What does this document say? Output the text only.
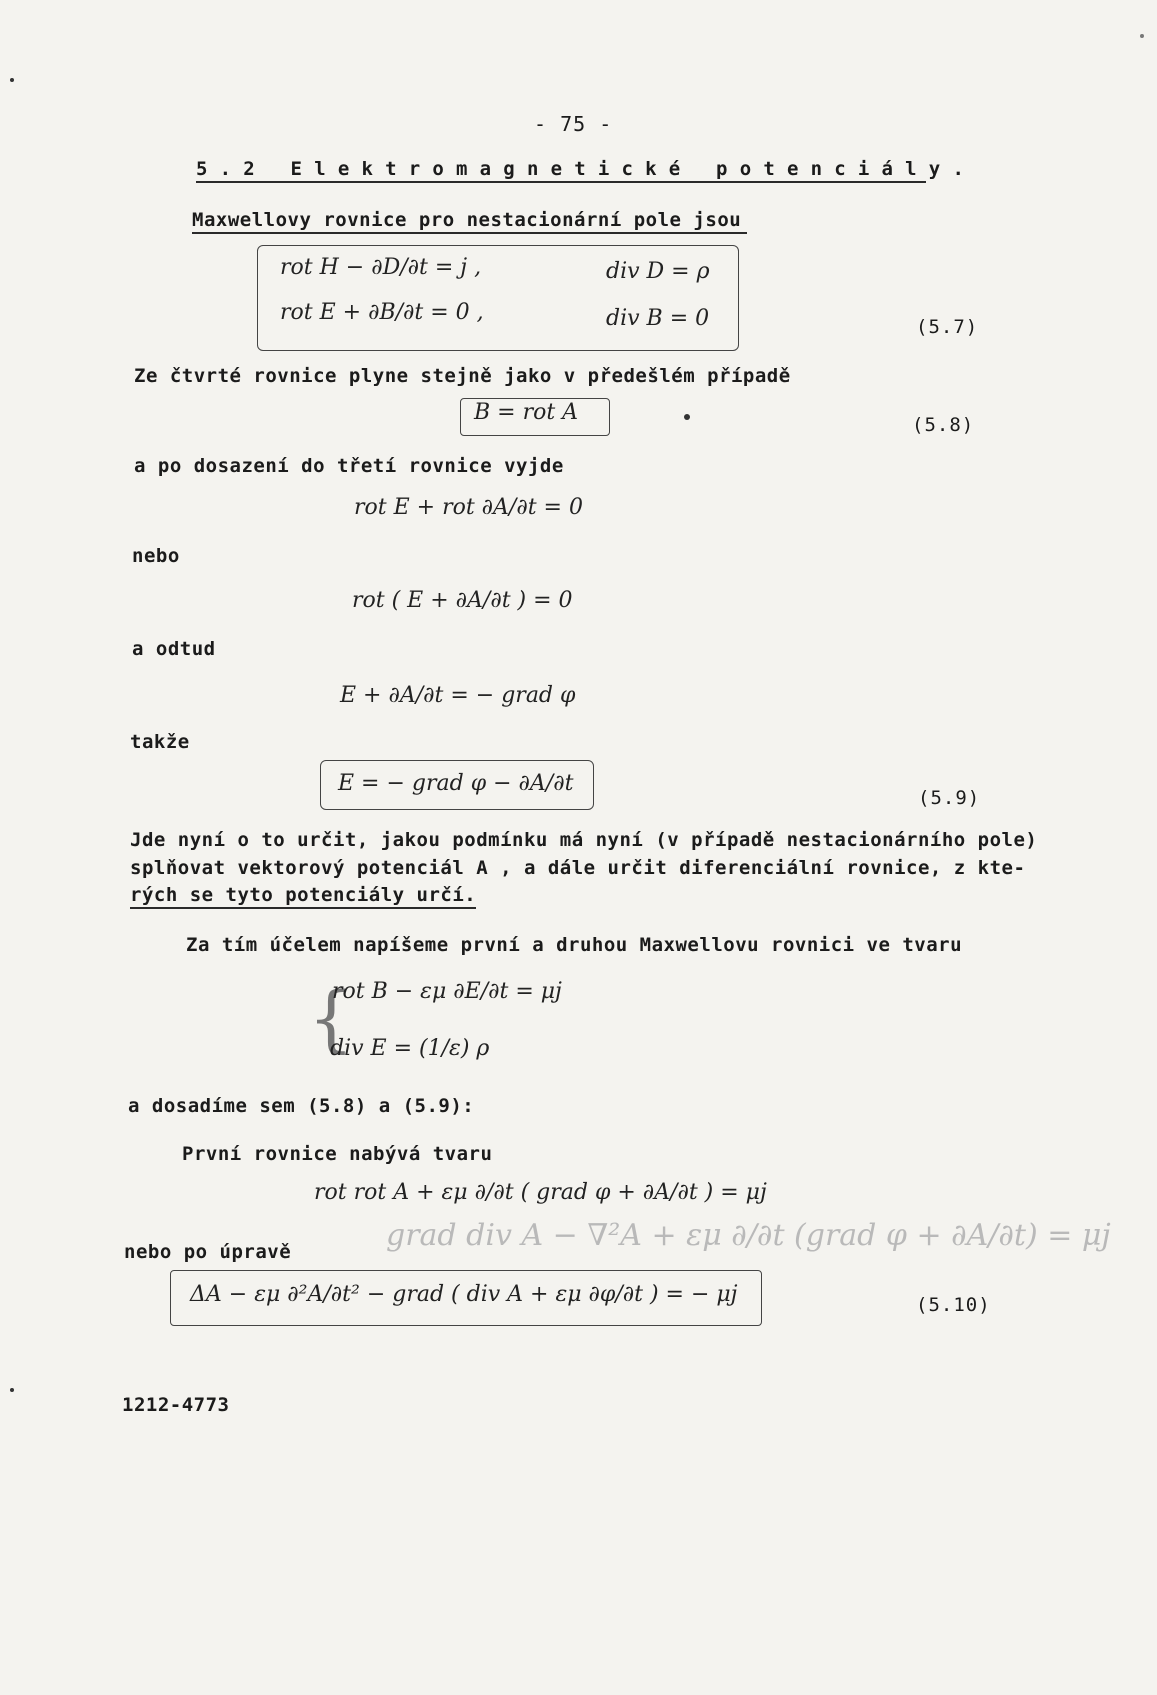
- 75 -
5.2 Elektromagnetické potenciály.
Maxwellovy rovnice pro nestacionární pole jsou
rot H − ∂D/∂t = j ,	div D = ρ
rot E + ∂B/∂t = 0 ,	div B = 0	(5.7)
Ze čtvrté rovnice plyne stejně jako v předešlém případě
B = rot A	(5.8)
a po dosazení do třetí rovnice vyjde
rot E + rot ∂A/∂t = 0
nebo
rot ( E + ∂A/∂t ) = 0
a odtud
E + ∂A/∂t = − grad φ
takže
E = − grad φ − ∂A/∂t
(5.9)
Jde nyní o to určit, jakou podmínku má nyní (v případě nestacionárního pole)
splňovat vektorový potenciál A , a dále určit diferenciální rovnice, z kte-
rých se tyto potenciály určí.
Za tím účelem napíšeme první a druhou Maxwellovu rovnici ve tvaru
{
rot B − εμ ∂E/∂t = μj
div E = (1/ε) ρ
a dosadíme sem (5.8) a (5.9):
První rovnice nabývá tvaru
rot rot A + εμ ∂/∂t ( grad φ + ∂A/∂t ) = μj
nebo po úpravě	grad div A − ∇²A + εμ ∂/∂t (grad φ + ∂A/∂t) = μj
ΔA − εμ ∂²A/∂t² − grad ( div A + εμ ∂φ/∂t ) = − μj	(5.10)
1212-4773
